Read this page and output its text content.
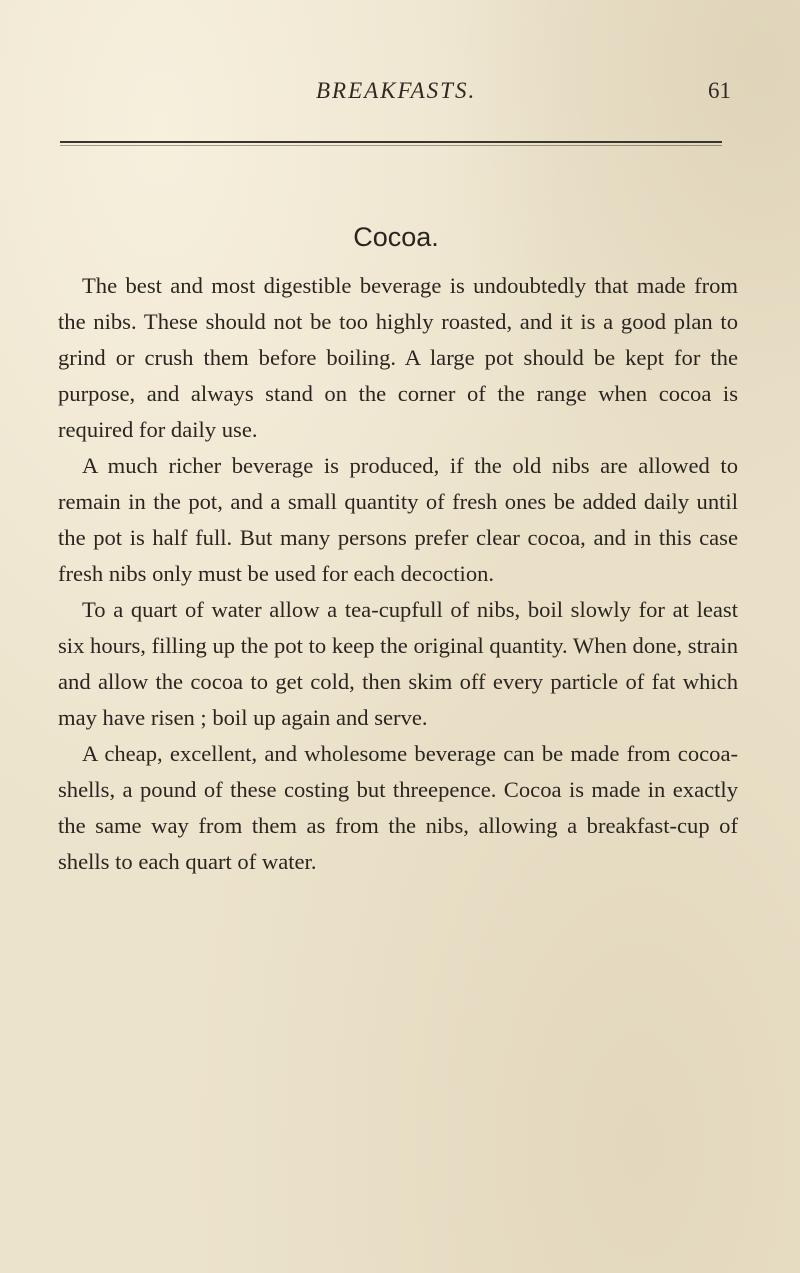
BREAKFASTS.	61
Cocoa.

The best and most digestible beverage is undoubtedly that made from the nibs. These should not be too highly roasted, and it is a good plan to grind or crush them before boiling. A large pot should be kept for the purpose, and always stand on the corner of the range when cocoa is required for daily use.

A much richer beverage is produced, if the old nibs are allowed to remain in the pot, and a small quantity of fresh ones be added daily until the pot is half full. But many persons prefer clear cocoa, and in this case fresh nibs only must be used for each decoction.

To a quart of water allow a tea-cupfull of nibs, boil slowly for at least six hours, filling up the pot to keep the original quantity. When done, strain and allow the cocoa to get cold, then skim off every particle of fat which may have risen ; boil up again and serve.

A cheap, excellent, and wholesome beverage can be made from cocoa-shells, a pound of these costing but threepence. Cocoa is made in exactly the same way from them as from the nibs, allowing a breakfast-cup of shells to each quart of water.
